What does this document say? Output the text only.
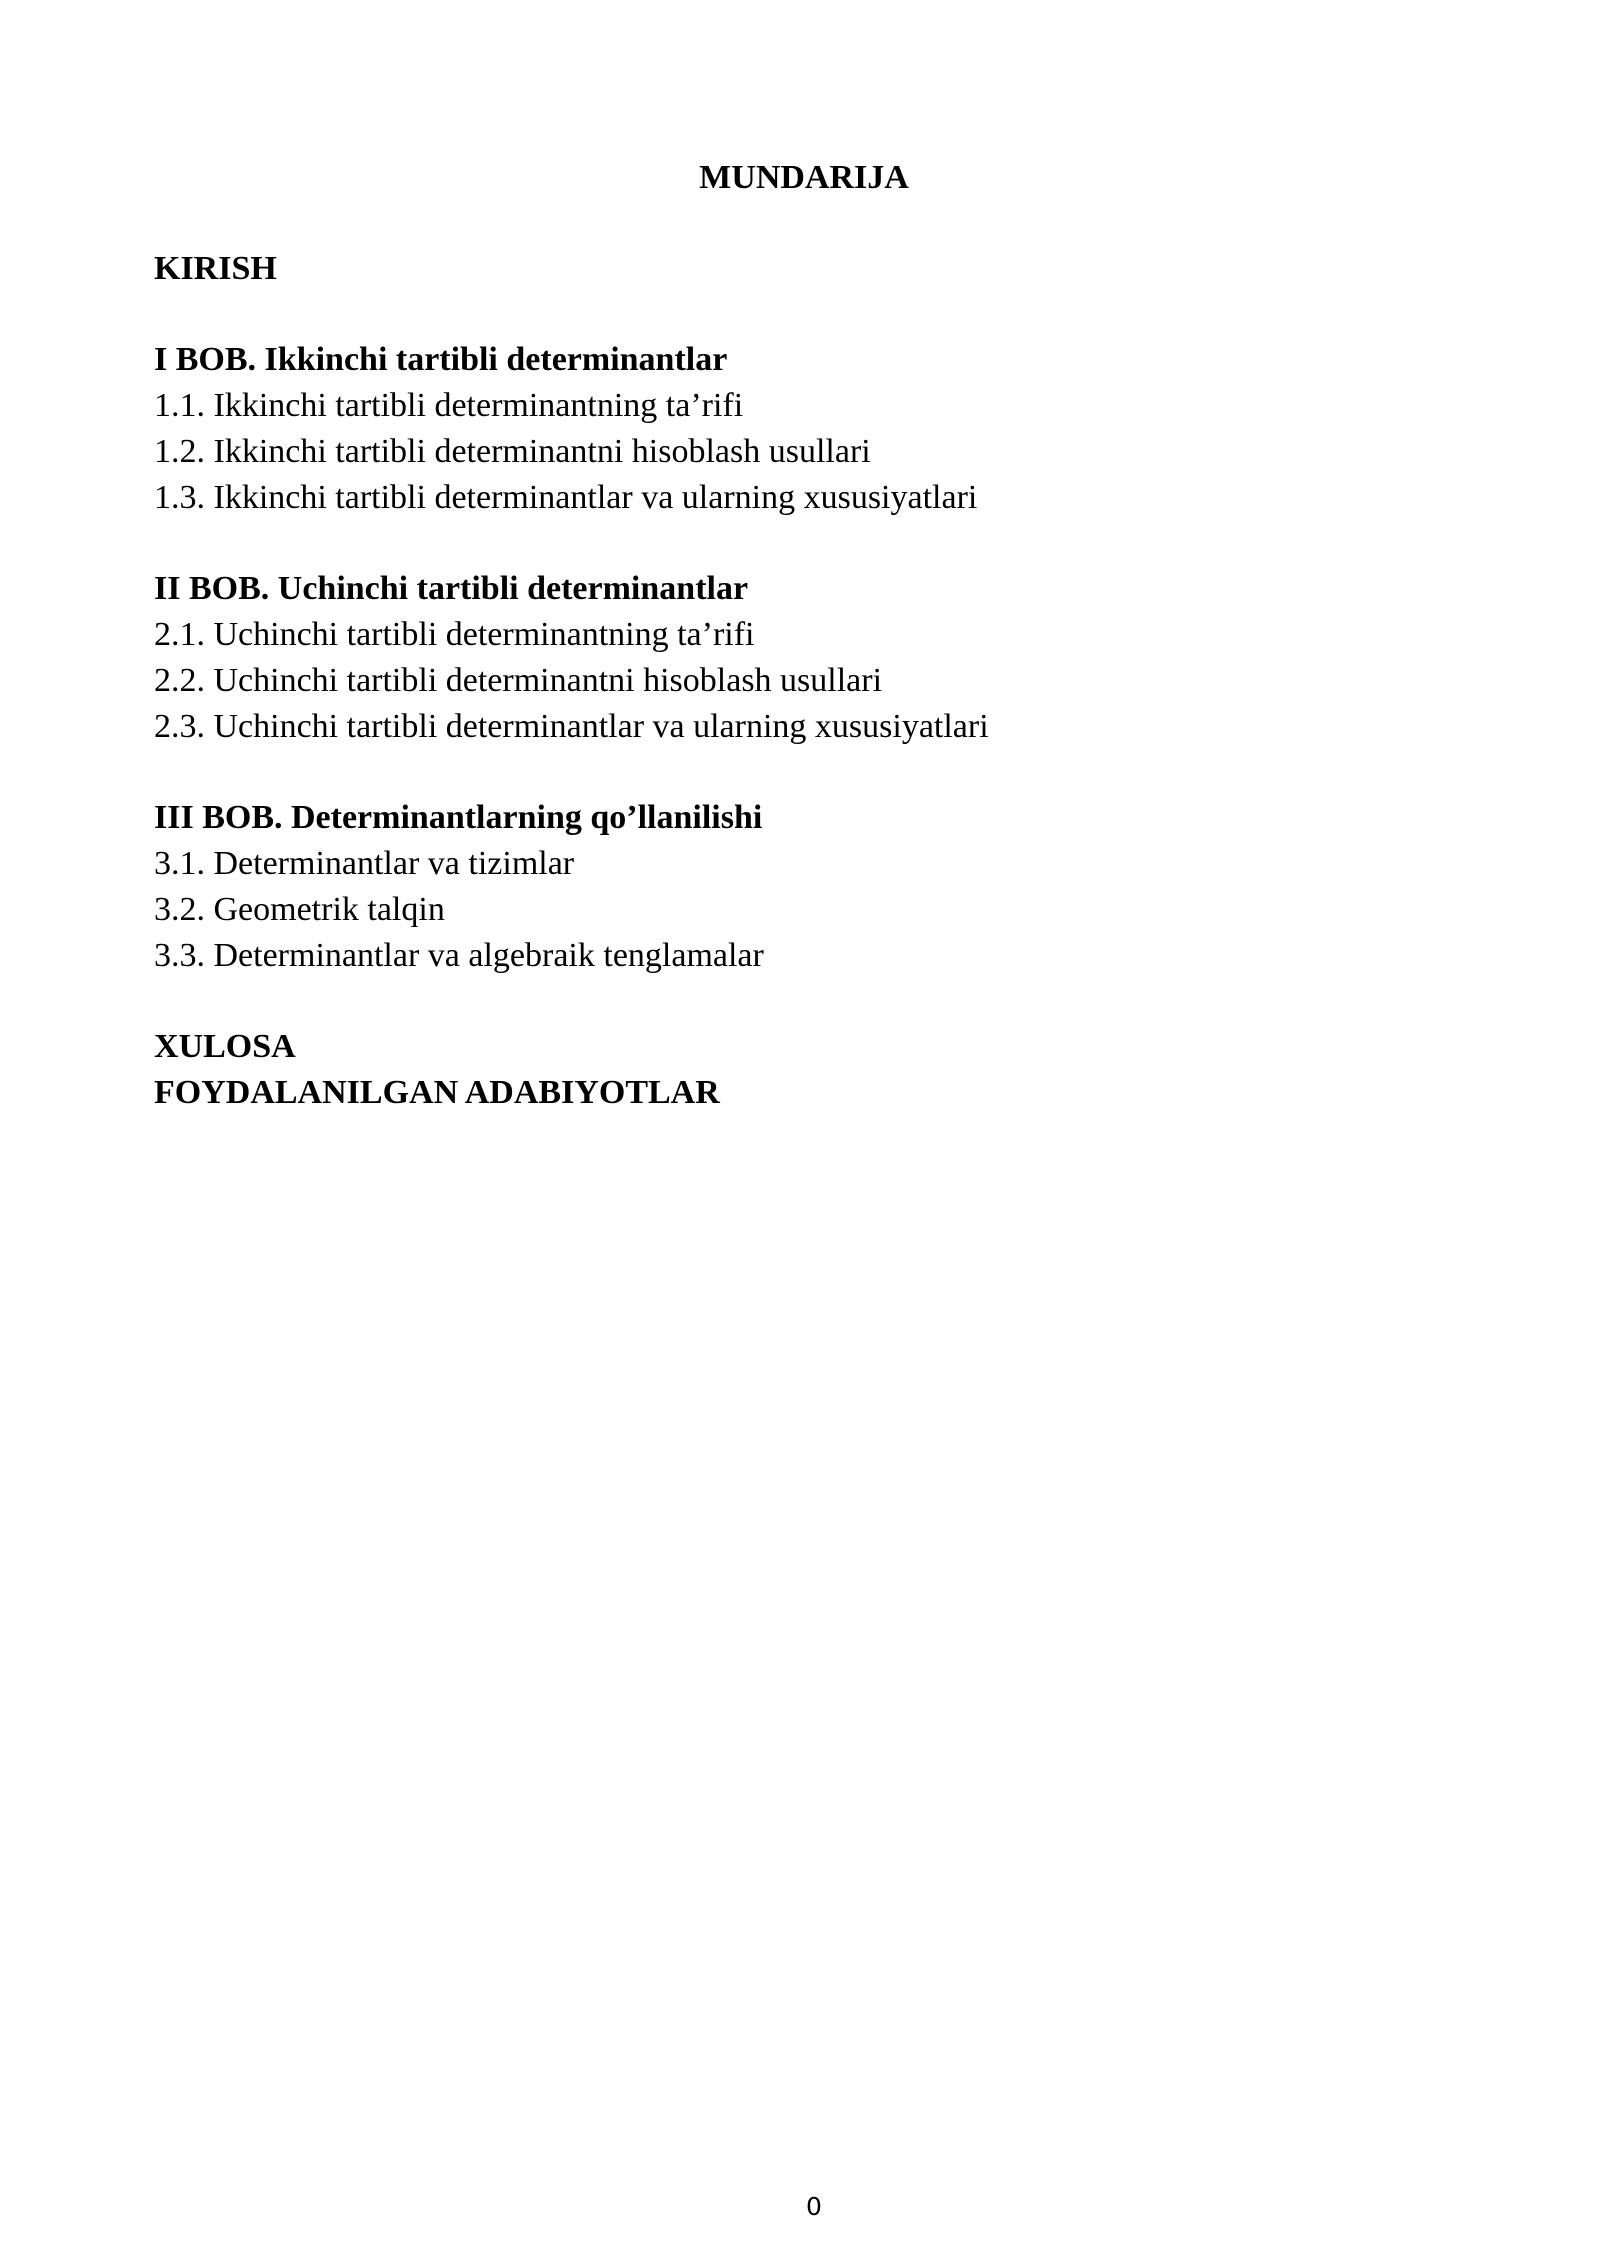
MUNDARIJA
KIRISH
I BOB. Ikkinchi tartibli determinantlar
1.1. Ikkinchi tartibli determinantning ta’rifi
1.2. Ikkinchi tartibli determinantni hisoblash usullari
1.3. Ikkinchi tartibli determinantlar va ularning xususiyatlari
II BOB. Uchinchi tartibli determinantlar
2.1. Uchinchi tartibli determinantning ta’rifi
2.2. Uchinchi tartibli determinantni hisoblash usullari
2.3. Uchinchi tartibli determinantlar va ularning xususiyatlari
III BOB. Determinantlarning qo’llanilishi
3.1. Determinantlar va tizimlar
3.2. Geometrik talqin
3.3. Determinantlar va algebraik tenglamalar
XULOSA
FOYDALANILGAN ADABIYOTLAR
0
